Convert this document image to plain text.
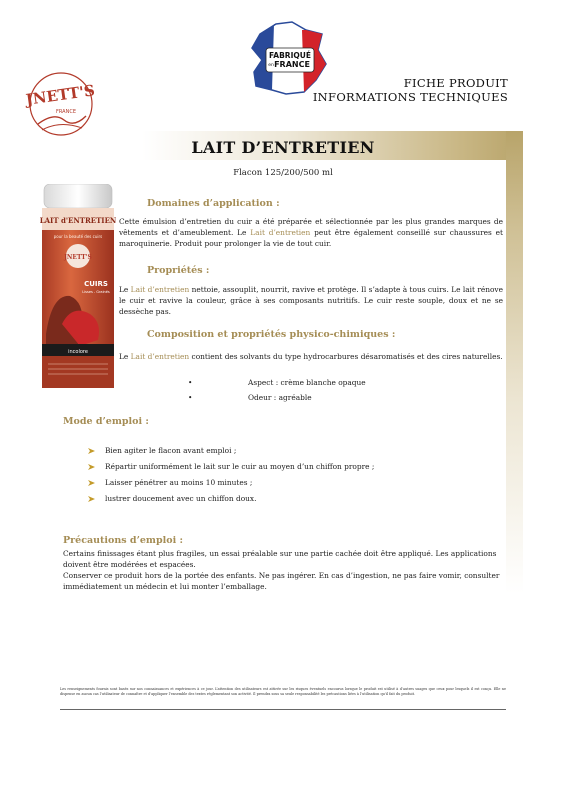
JNETT'S
FRANCE
FABRIQUÉ
en FRANCE
FICHE PRODUIT
INFORMATIONS TECHNIQUES
LAIT D’ENTRETIEN
Flacon 125/200/500 ml
LAIT d'ENTRETIEN
pour la beauté des cuirs
JNETT'S
CUIRS
Lisses - Grainés
incolore
Domaines d’application :
Cette émulsion d’entretien du cuir a été préparée et sélectionnée par les plus grandes marques de vêtements et d’ameublement. Le Lait d’entretien peut être également conseillé sur chaussures et maroquinerie. Produit pour prolonger la vie de tout cuir.
Propriétés :
Le Lait d’entretien nettoie, assouplit, nourrit, ravive et protège. Il s’adapte à tous cuirs. Le lait rénove le cuir et ravive la couleur, grâce à ses composants nutritifs. Le cuir reste souple, doux et ne se dessèche pas.
Composition et propriétés physico-chimiques :
Le Lait d’entretien contient des solvants du type hydrocarbures désaromatisés et des cires naturelles.
•	Aspect : crème blanche opaque
•	Odeur : agréable
Mode d’emploi :
Bien agiter le flacon avant emploi ;
Répartir uniformément le lait sur le cuir au moyen d’un chiffon propre ;
Laisser pénétrer au moins 10 minutes ;
lustrer doucement avec un chiffon doux.
Précautions d’emploi :
Certains finissages étant plus fragiles, un essai préalable sur une partie cachée doit être appliqué. Les applications doivent être modérées et espacées.
Conserver ce produit hors de la portée des enfants. Ne pas ingérer. En cas d’ingestion, ne pas faire vomir, consulter immédiatement un médecin et lui monter l’emballage.
Les renseignements fournis sont basés sur nos connaissances et expériences à ce jour. L’attention des utilisateurs est attirée sur les risques éventuels encourus lorsque le produit est utilisé à d’autres usages que ceux pour lesquels il est conçu. Elle ne dispense en aucun cas l’utilisateur de connaître et d’appliquer l’ensemble des textes réglementant son activité. Il prendra sous sa seule responsabilité les précautions liées à l’utilisation qu’il fait du produit.
